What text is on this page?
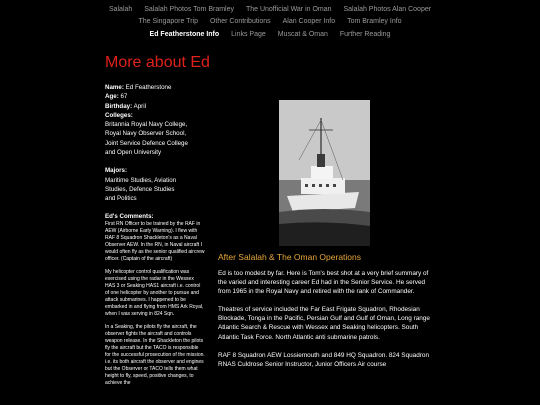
Salalah Salalah Photos Tom Bramley The Unofficial War in Oman Salalah Photos Alan Cooper
The Singapore Trip Other Contributions Alan Cooper Info Tom Bramley Info
Ed Featherstone Info Links Page Muscat & Oman Further Reading
More about Ed
Name: Ed Featherstone
Age: 67
Birthday: April
Colleges:
Britannia Royal Navy College,
Royal Navy Observer School,
Joint Service Defence College
and Open University
Majors:
Maritime Studies, Aviation
Studies, Defence Studies
and Politics

Ed's Comments:

First RN Officer to be trained by the RAF in AEW (Airborne Early Warning). I flew with RAF 8 Squadron Shackleton's as a Naval Observer AEW. In the RN, in Naval aircraft I would often fly as the senior qualified aircrew officer. (Captain of the aircraft)

My helicopter control qualification was exercised using the radar in the Wessex HAS 3 or Seaking HAS1 aircraft i.e. control of one helicopter by another to pursue and attack submarines. I happened to be embarked in and flying from HMS Ark Royal, when I was serving in 824 Sqn.

In a Seaking, the pilots fly the aircraft, the observer fights the aircraft and controls weapon release. In the Shackleton the pilots fly the aircraft but the TACO is responsible for the successful prosecution of the mission. i.e. its both aircraft the observer and engines but the Observer or TACO tells them what height to fly, speed, positive changes, to achieve the

After Salalah & The Oman Operations

Ed is too modest by far. Here is Tom's best shot at a very brief summary of the varied and interesting career Ed had in the Senior Service. He served from 1965 in the Royal Navy and retired with the rank of Commander.

Theatres of service included the Far East Frigate Squadron, Rhodesian Blockade, Tonga in the Pacific, Persian Gulf and Gulf of Oman, Long range Atlantic Search & Rescue with Wessex and Seaking helicopters. South Atlantic Task Force. North Atlantic anti submarine patrols.

RAF 8 Squadron AEW Lossiemouth and 849 HQ Squadron. 824 Squadron RNAS Culdrose Senior Instructor, Junior Officers Air course
